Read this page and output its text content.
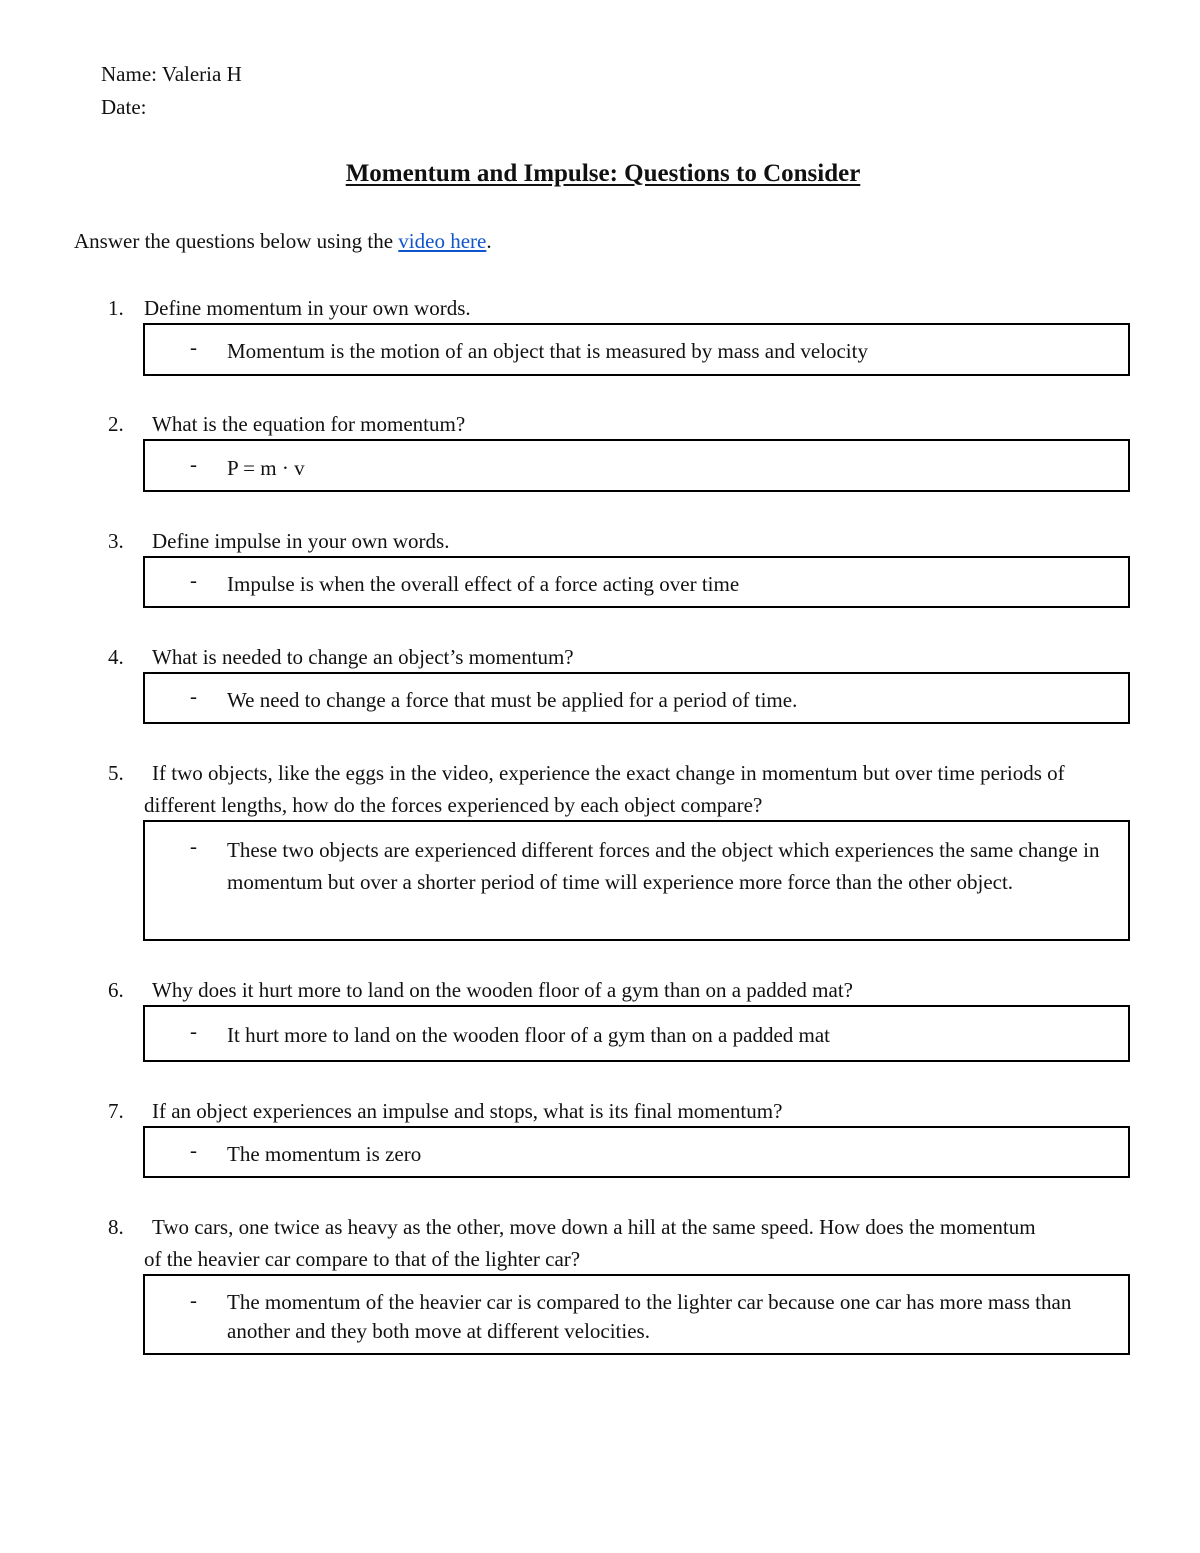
Name: Valeria H
Date:
Momentum and Impulse: Questions to Consider
Answer the questions below using the video here.
1. Define momentum in your own words.
- Momentum is the motion of an object that is measured by mass and velocity
2.	What is the equation for momentum?
- P = m · v
3.	Define impulse in your own words.
- Impulse is when the overall effect of a force acting over time
4.	What is needed to change an object’s momentum?
- We need to change a force that must be applied for a period of time.
5.	If two objects, like the eggs in the video, experience the exact change in momentum but over time periods of different lengths, how do the forces experienced by each object compare?
- These two objects are experienced different forces and the object which experiences the same change in momentum but over a shorter period of time will experience more force than the other object.
6.	Why does it hurt more to land on the wooden floor of a gym than on a padded mat?
- It hurt more to land on the wooden floor of a gym than on a padded mat
7.	If an object experiences an impulse and stops, what is its final momentum?
- The momentum is zero
8.	Two cars, one twice as heavy as the other, move down a hill at the same speed. How does the momentum of the heavier car compare to that of the lighter car?
- The momentum of the heavier car is compared to the lighter car because one car has more mass than another and they both move at different velocities.
